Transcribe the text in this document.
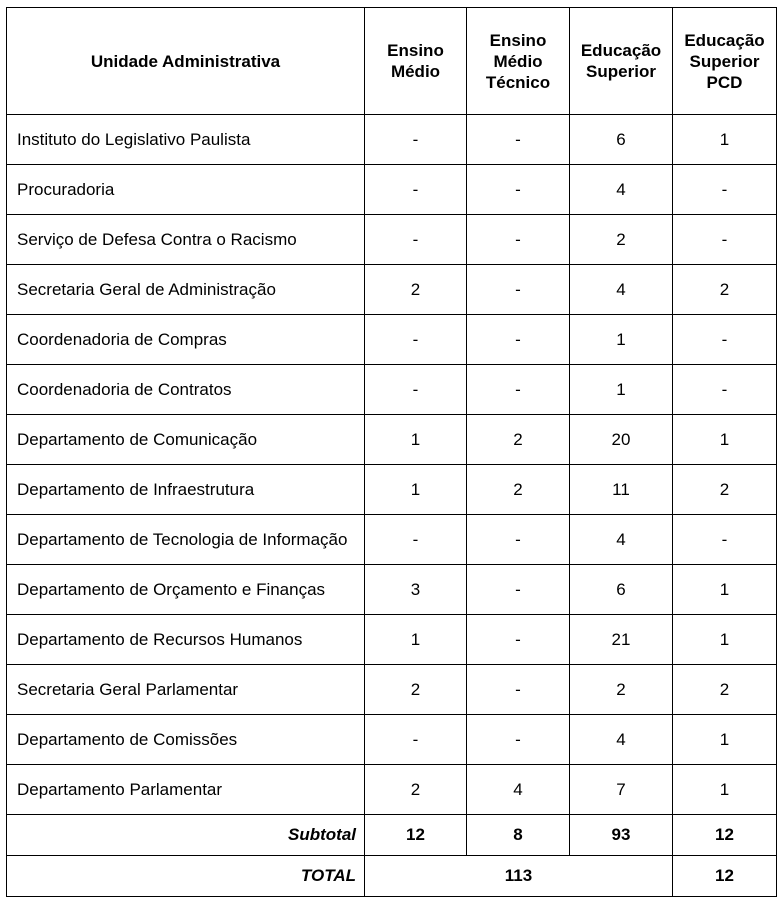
Unidade Administrativa	Ensino Médio	Ensino Médio Técnico	Educação Superior	Educação Superior PCD

Instituto do Legislativo Paulista	-	-	6	1
Procuradoria	-	-	4	-
Serviço de Defesa Contra o Racismo	-	-	2	-
Secretaria Geral de Administração	2	-	4	2
Coordenadoria de Compras	-	-	1	-
Coordenadoria de Contratos	-	-	1	-
Departamento de Comunicação	1	2	20	1
Departamento de Infraestrutura	1	2	11	2
Departamento de Tecnologia de Informação	-	-	4	-
Departamento de Orçamento e Finanças	3	-	6	1
Departamento de Recursos Humanos	1	-	21	1
Secretaria Geral Parlamentar	2	-	2	2
Departamento de Comissões	-	-	4	1
Departamento Parlamentar	2	4	7	1
Subtotal	12	8	93	12
TOTAL	113			12
